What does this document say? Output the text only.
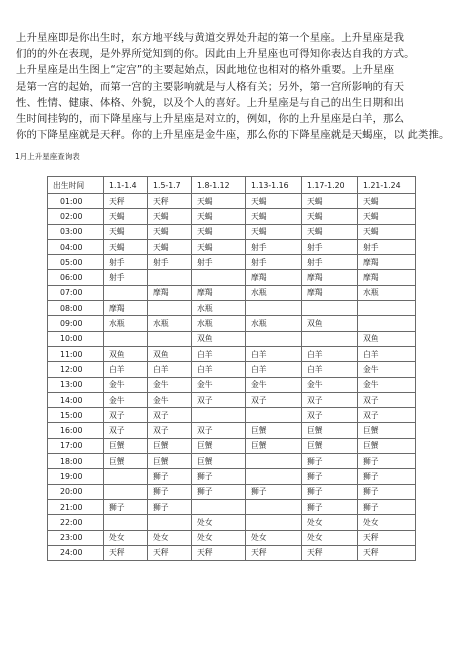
上升星座即是你出生时，东方地平线与黄道交界处升起的第一个星座。上升星座是我
们的的外在表现，是外界所觉知到的你。因此由上升星座也可得知你表达自我的方式。
上升星座是出生图上“定宫”的主要起始点，因此地位也相对的格外重要。上升星座
是第一宫的起始，而第一宫的主要影响就是与人格有关；另外，第一宫所影响的有天
性、性情、健康、体格、外貌，以及个人的喜好。上升星座是与自己的出生日期和出
生时间挂钩的，而下降星座与上升星座是对立的，例如，你的上升星座是白羊，那么
你的下降星座就是天秤。你的上升星座是金牛座，那么你的下降星座就是天蝎座，以 此类推。
1月上升星座查询表
出生时间	1.1-1.4	1.5-1.7	1.8-1.12	1.13-1.16	1.17-1.20	1.21-1.24	
01:00	天秤	天秤	天蝎	天蝎	天蝎	天蝎	
02:00	天蝎	天蝎	天蝎	天蝎	天蝎	天蝎	
03:00	天蝎	天蝎	天蝎	天蝎	天蝎	天蝎	
04:00	天蝎	天蝎	天蝎	射手	射手	射手	
05:00	射手	射手	射手	射手	射手	摩羯	
06:00	射手			摩羯	摩羯	摩羯	
07:00		摩羯	摩羯	水瓶	摩羯	水瓶	
08:00	摩羯		水瓶				
09:00	水瓶	水瓶	水瓶	水瓶	双鱼		
10:00			双鱼			双鱼	
11:00	双鱼	双鱼	白羊	白羊	白羊	白羊	
12:00	白羊	白羊	白羊	白羊	白羊	金牛	
13:00	金牛	金牛	金牛	金牛	金牛	金牛	
14:00	金牛	金牛	双子	双子	双子	双子	
15:00	双子	双子			双子	双子	
16:00	双子	双子	双子	巨蟹	巨蟹	巨蟹	
17:00	巨蟹	巨蟹	巨蟹	巨蟹	巨蟹	巨蟹	
18:00	巨蟹	巨蟹	巨蟹		狮子	狮子	
19:00		狮子	狮子		狮子	狮子	
20:00		狮子	狮子	狮子	狮子	狮子	
21:00	狮子	狮子			狮子	狮子	
22:00			处女		处女	处女	
23:00	处女	处女	处女	处女	处女	天秤	
24:00	天秤	天秤	天秤	天秤	天秤	天秤	
